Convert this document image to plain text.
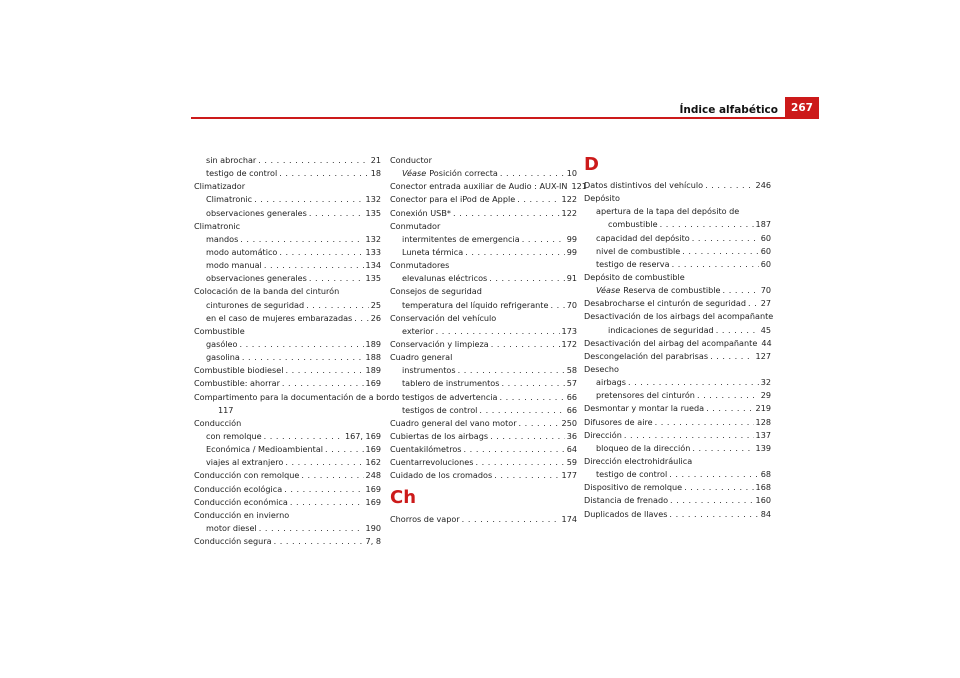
267
Índice alfabético
sin abrochar . . .	21
testigo de control . . .	18
Climatizador
Climatronic . . .	132
observaciones generales . . .	135
Climatronic
mandos . . .	132
modo automático . . .	133
modo manual . . .	134
observaciones generales . . .	135
Colocación de la banda del cinturón
cinturones de seguridad . . .	25
en el caso de mujeres embarazadas . . . 26
Combustible
gasóleo . . .	189
gasolina . . .	188
Combustible biodiesel . . .	189
Combustible: ahorrar . . .	169
Compartimento para la documentación de a bordo
117
Conducción
con remolque . . .	167, 169
Económica / Medioambiental . . .	169
viajes al extranjero . . .	162
Conducción con remolque . . .	248
Conducción ecológica . . .	169
Conducción económica . . .	169
Conducción en invierno
motor diesel . . .	190
Conducción segura . . .	7, 8
Conductor
Véase Posición correcta . . .	10
Conector entrada auxiliar de Audio : AUX-IN 121
Conector para el iPod de Apple . . .	122
Conexión USB* . . .	122
Conmutador
intermitentes de emergencia . . .	99
Luneta térmica . . .	99
Conmutadores
elevalunas eléctricos . . .	91
Consejos de seguridad
temperatura del líquido refrigerante . . . 70
Conservación del vehículo
exterior . . .	173
Conservación y limpieza . . .	172
Cuadro general
instrumentos . . .	58
tablero de instrumentos . . .	57
testigos de advertencia . . .	66
testigos de control . . .	66
Cuadro general del vano motor . . .	250
Cubiertas de los airbags . . .	36
Cuentakilómetros . . .	64
Cuentarrevoluciones . . .	59
Cuidado de los cromados . . .	177
Ch
Chorros de vapor . . .	174
D
Datos distintivos del vehículo . . .	246
Depósito
apertura de la tapa del depósito de
combustible . . .	187
capacidad del depósito . . .	60
nivel de combustible . . .	60
testigo de reserva . . .	60
Depósito de combustible
Véase Reserva de combustible . . .	70
Desabrocharse el cinturón de seguridad . . . 27
Desactivación de los airbags del acompañante
indicaciones de seguridad . . .	45
Desactivación del airbag del acompañante 44
Descongelación del parabrisas . . .	127
Desecho
airbags . . .	32
pretensores del cinturón . . .	29
Desmontar y montar la rueda . . .	219
Difusores de aire . . .	128
Dirección . . .	137
bloqueo de la dirección . . .	139
Dirección electrohidráulica
testigo de control . . .	68
Dispositivo de remolque . . .	168
Distancia de frenado . . .	160
Duplicados de llaves . . .	84
